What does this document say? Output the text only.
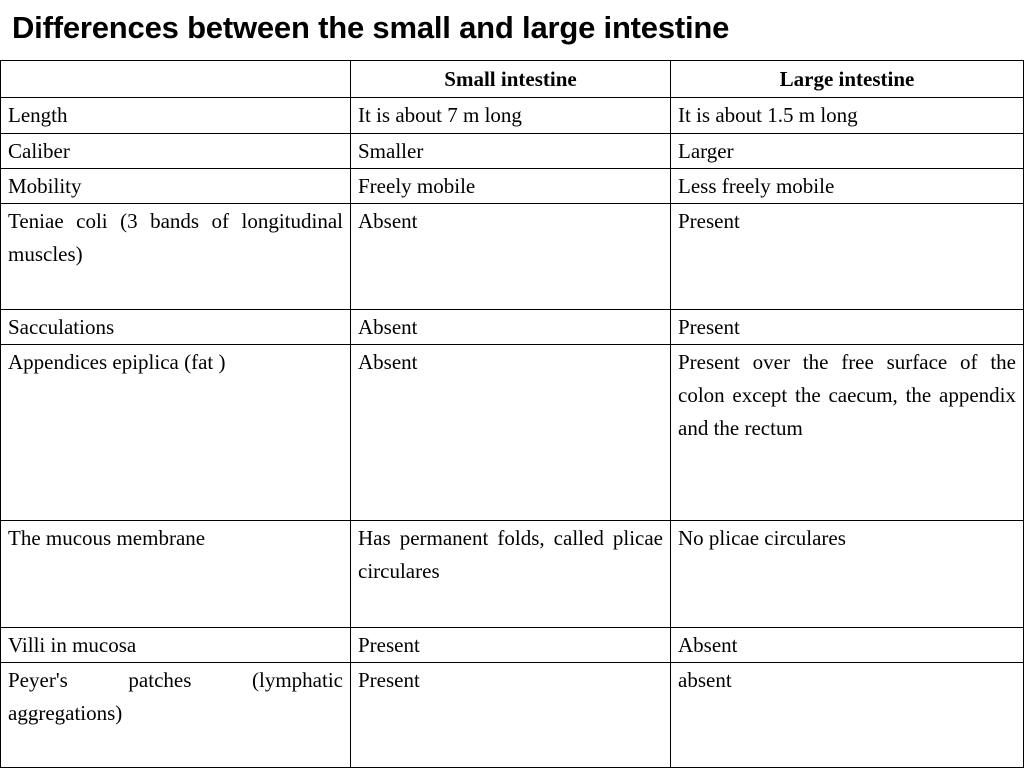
Differences between the small and large intestine
	Small intestine	Large intestine
Length	It is about 7 m long	It is about 1.5 m long
Caliber	Smaller	Larger
Mobility	Freely mobile	Less freely mobile
Teniae coli (3 bands of longitudinal muscles)	Absent	Present
Sacculations	Absent	Present
Appendices epiplica (fat )	Absent	Present over the free surface of the colon except the caecum, the appendix and the rectum
The mucous membrane	Has permanent folds, called plicae circulares	No plicae circulares
Villi in mucosa	Present	Absent
Peyer's patches (lymphatic aggregations)	Present	absent
